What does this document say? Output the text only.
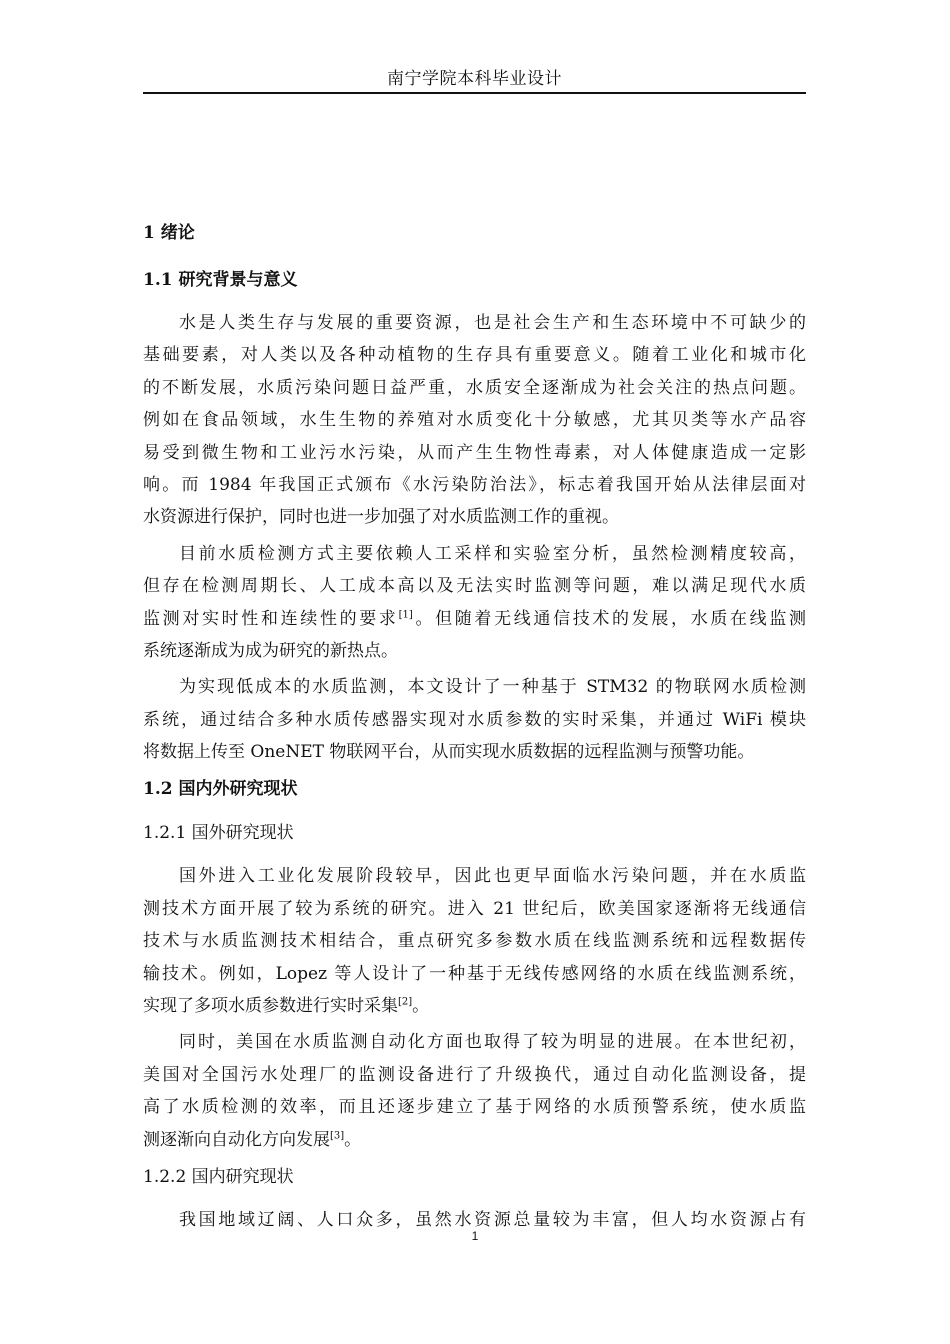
南宁学院本科毕业设计
1 绪论
1.1 研究背景与意义
水是人类生存与发展的重要资源，也是社会生产和生态环境中不可缺少的
基础要素，对人类以及各种动植物的生存具有重要意义。随着工业化和城市化
的不断发展，水质污染问题日益严重，水质安全逐渐成为社会关注的热点问题。
例如在食品领域，水生生物的养殖对水质变化十分敏感，尤其贝类等水产品容
易受到微生物和工业污水污染，从而产生生物性毒素，对人体健康造成一定影
响。而 1984 年我国正式颁布《水污染防治法》，标志着我国开始从法律层面对
水资源进行保护，同时也进一步加强了对水质监测工作的重视。
目前水质检测方式主要依赖人工采样和实验室分析，虽然检测精度较高，
但存在检测周期长、人工成本高以及无法实时监测等问题，难以满足现代水质
监测对实时性和连续性的要求[1]。但随着无线通信技术的发展，水质在线监测
系统逐渐成为成为研究的新热点。
为实现低成本的水质监测，本文设计了一种基于 STM32 的物联网水质检测
系统，通过结合多种水质传感器实现对水质参数的实时采集，并通过 WiFi 模块
将数据上传至 OneNET 物联网平台，从而实现水质数据的远程监测与预警功能。
1.2 国内外研究现状
1.2.1 国外研究现状
国外进入工业化发展阶段较早，因此也更早面临水污染问题，并在水质监
测技术方面开展了较为系统的研究。进入 21 世纪后，欧美国家逐渐将无线通信
技术与水质监测技术相结合，重点研究多参数水质在线监测系统和远程数据传
输技术。例如，Lopez 等人设计了一种基于无线传感网络的水质在线监测系统，
实现了多项水质参数进行实时采集[2]。
同时，美国在水质监测自动化方面也取得了较为明显的进展。在本世纪初，
美国对全国污水处理厂的监测设备进行了升级换代，通过自动化监测设备，提
高了水质检测的效率，而且还逐步建立了基于网络的水质预警系统，使水质监
测逐渐向自动化方向发展[3]。
1.2.2 国内研究现状
我国地域辽阔、人口众多，虽然水资源总量较为丰富，但人均水资源占有
1
